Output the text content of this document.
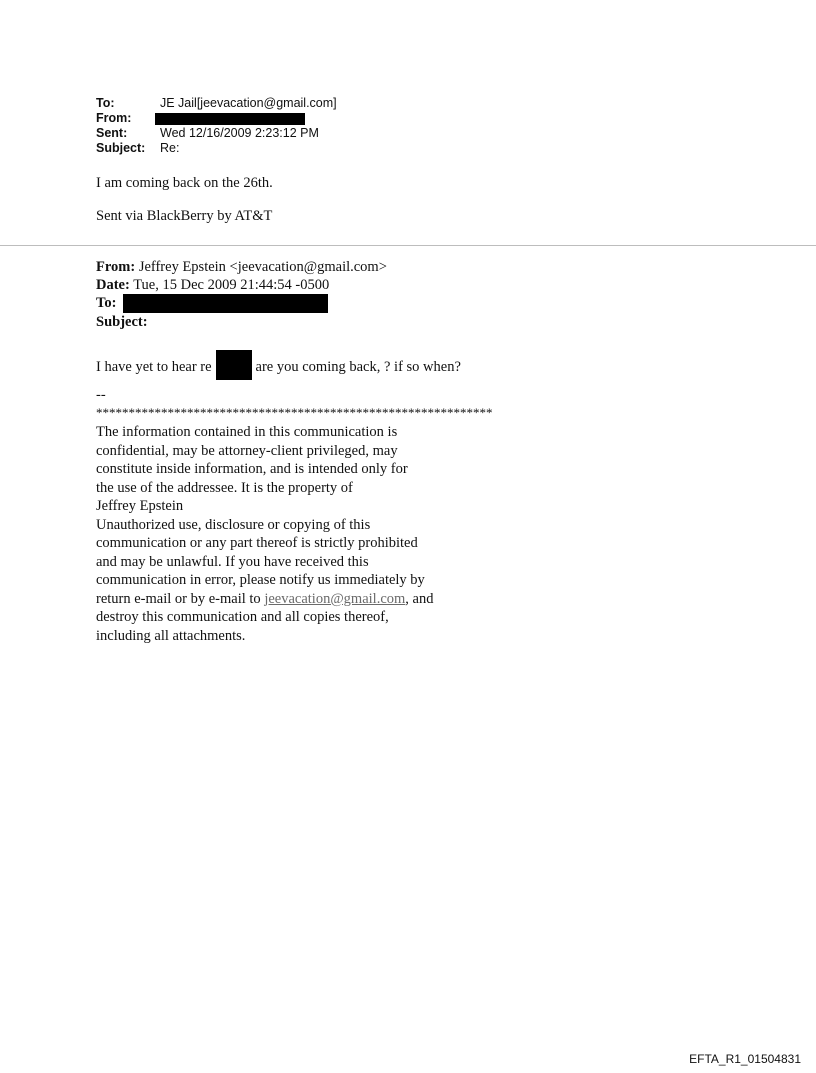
To:	JE Jail[jeevacation@gmail.com]
From:
Sent:	Wed 12/16/2009 2:23:12 PM
Subject:	Re:
I am coming back on the 26th.
Sent via BlackBerry by AT&T
From: Jeffrey Epstein <jeevacation@gmail.com>
Date: Tue, 15 Dec 2009 21:44:54 -0500
To:
Subject:
I have yet to hear re	are you coming back, ? if so when?
--
*************************************************************
The information contained in this communication is
confidential, may be attorney-client privileged, may
constitute inside information, and is intended only for
the use of the addressee. It is the property of
Jeffrey Epstein
Unauthorized use, disclosure or copying of this
communication or any part thereof is strictly prohibited
and may be unlawful. If you have received this
communication in error, please notify us immediately by
return e-mail or by e-mail to jeevacation@gmail.com, and
destroy this communication and all copies thereof,
including all attachments.
EFTA_R1_01504831
